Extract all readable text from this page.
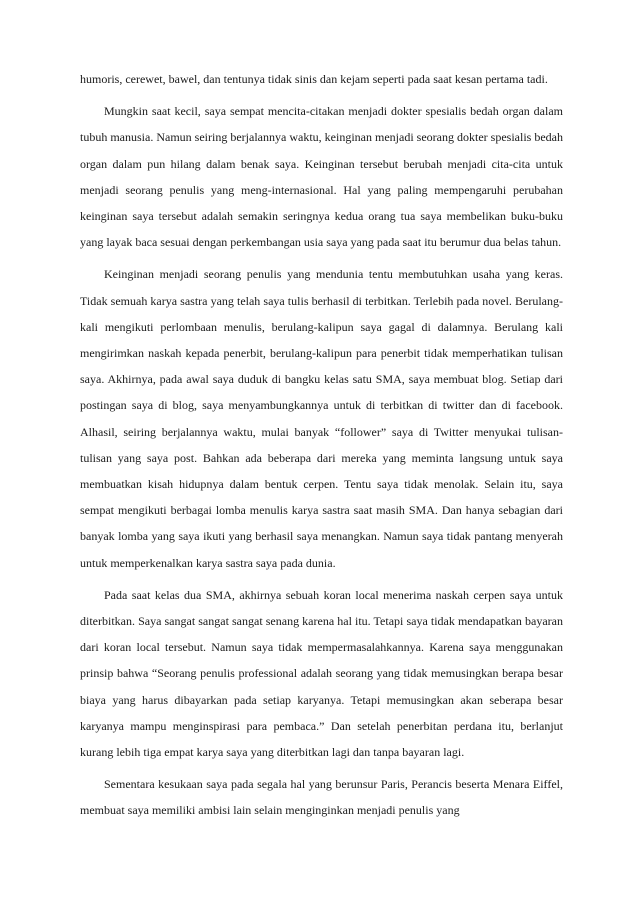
humoris, cerewet, bawel, dan tentunya tidak sinis dan kejam seperti pada saat kesan pertama tadi.

Mungkin saat kecil, saya sempat mencita-citakan menjadi dokter spesialis bedah organ dalam tubuh manusia. Namun seiring berjalannya waktu, keinginan menjadi seorang dokter spesialis bedah organ dalam pun hilang dalam benak saya. Keinginan tersebut berubah menjadi cita-cita untuk menjadi seorang penulis yang meng-internasional. Hal yang paling mempengaruhi perubahan keinginan saya tersebut adalah semakin seringnya kedua orang tua saya membelikan buku-buku yang layak baca sesuai dengan perkembangan usia saya yang pada saat itu berumur dua belas tahun.

Keinginan menjadi seorang penulis yang mendunia tentu membutuhkan usaha yang keras. Tidak semuah karya sastra yang telah saya tulis berhasil di terbitkan. Terlebih pada novel. Berulang-kali mengikuti perlombaan menulis, berulang-kalipun saya gagal di dalamnya. Berulang kali mengirimkan naskah kepada penerbit, berulang-kalipun para penerbit tidak memperhatikan tulisan saya. Akhirnya, pada awal saya duduk di bangku kelas satu SMA, saya membuat blog. Setiap dari postingan saya di blog, saya menyambungkannya untuk di terbitkan di twitter dan di facebook. Alhasil, seiring berjalannya waktu, mulai banyak “follower” saya di Twitter menyukai tulisan-tulisan yang saya post. Bahkan ada beberapa dari mereka yang meminta langsung untuk saya membuatkan kisah hidupnya dalam bentuk cerpen. Tentu saya tidak menolak. Selain itu, saya sempat mengikuti berbagai lomba menulis karya sastra saat masih SMA. Dan hanya sebagian dari banyak lomba yang saya ikuti yang berhasil saya menangkan. Namun saya tidak pantang menyerah untuk memperkenalkan karya sastra saya pada dunia.

Pada saat kelas dua SMA, akhirnya sebuah koran local menerima naskah cerpen saya untuk diterbitkan. Saya sangat sangat sangat senang karena hal itu. Tetapi saya tidak mendapatkan bayaran dari koran local tersebut. Namun saya tidak mempermasalahkannya. Karena saya menggunakan prinsip bahwa “Seorang penulis professional adalah seorang yang tidak memusingkan berapa besar biaya yang harus dibayarkan pada setiap karyanya. Tetapi memusingkan akan seberapa besar karyanya mampu menginspirasi para pembaca.” Dan setelah penerbitan perdana itu, berlanjut kurang lebih tiga empat karya saya yang diterbitkan lagi dan tanpa bayaran lagi.

Sementara kesukaan saya pada segala hal yang berunsur Paris, Perancis beserta Menara Eiffel, membuat saya memiliki ambisi lain selain menginginkan menjadi penulis yang
